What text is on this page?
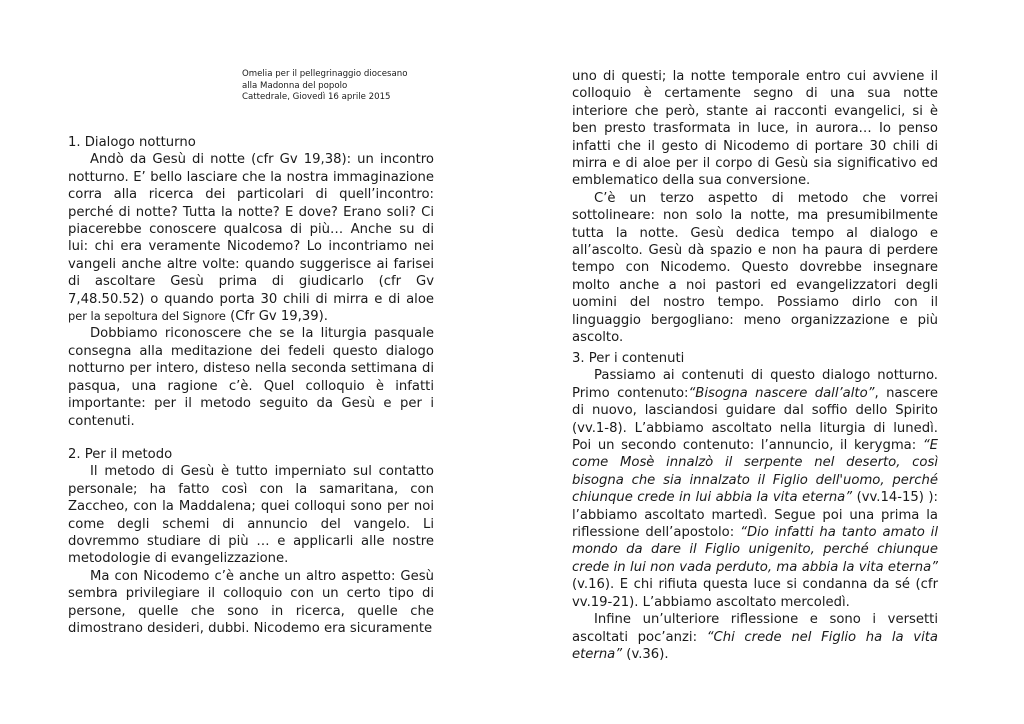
Omelia per il pellegrinaggio diocesano
alla Madonna del popolo
Cattedrale, Giovedì 16 aprile 2015

1. Dialogo notturno

Andò da Gesù di notte (cfr Gv 19,38): un incontro notturno. E’ bello lasciare che la nostra immaginazione corra alla ricerca dei particolari di quell’incontro: perché di notte? Tutta la notte? E dove? Erano soli? Ci piacerebbe conoscere qualcosa di più… Anche su di lui: chi era veramente Nicodemo? Lo incontriamo nei vangeli anche altre volte: quando suggerisce ai farisei di ascoltare Gesù prima di giudicarlo (cfr Gv 7,48.50.52) o quando porta 30 chili di mirra e di aloe per la sepoltura del Signore (Cfr Gv 19,39).

Dobbiamo riconoscere che se la liturgia pasquale consegna alla meditazione dei fedeli questo dialogo notturno per intero, disteso nella seconda settimana di pasqua, una ragione c’è. Quel colloquio è infatti importante: per il metodo seguito da Gesù e per i contenuti.

2. Per il metodo

Il metodo di Gesù è tutto imperniato sul contatto personale; ha fatto così con la samaritana, con Zaccheo, con la Maddalena; quei colloqui sono per noi come degli schemi di annuncio del vangelo. Li dovremmo studiare di più … e applicarli alle nostre metodologie di evangelizzazione.

Ma con Nicodemo c’è anche un altro aspetto: Gesù sembra privilegiare il colloquio con un certo tipo di persone, quelle che sono in ricerca, quelle che dimostrano desideri, dubbi. Nicodemo era sicuramente

uno di questi; la notte temporale entro cui avviene il colloquio è certamente segno di una sua notte interiore che però, stante ai racconti evangelici, si è ben presto trasformata in luce, in aurora… Io penso infatti che il gesto di Nicodemo di portare 30 chili di mirra e di aloe per il corpo di Gesù sia significativo ed emblematico della sua conversione.

C’è un terzo aspetto di metodo che vorrei sottolineare: non solo la notte, ma presumibilmente tutta la notte. Gesù dedica tempo al dialogo e all’ascolto. Gesù dà spazio e non ha paura di perdere tempo con Nicodemo. Questo dovrebbe insegnare molto anche a noi pastori ed evangelizzatori degli uomini del nostro tempo. Possiamo dirlo con il linguaggio bergogliano: meno organizzazione e più ascolto.

3. Per i contenuti

Passiamo ai contenuti di questo dialogo notturno. Primo contenuto:“Bisogna nascere dall’alto”, nascere di nuovo, lasciandosi guidare dal soffio dello Spirito (vv.1-8). L’abbiamo ascoltato nella liturgia di lunedì. Poi un secondo contenuto: l’annuncio, il kerygma: “E come Mosè innalzò il serpente nel deserto, così bisogna che sia innalzato il Figlio dell'uomo, perché chiunque crede in lui abbia la vita eterna” (vv.14-15) ): l’abbiamo ascoltato martedì. Segue poi una prima la riflessione dell’apostolo: “Dio infatti ha tanto amato il mondo da dare il Figlio unigenito, perché chiunque crede in lui non vada perduto, ma abbia la vita eterna” (v.16). E chi rifiuta questa luce si condanna da sé (cfr vv.19-21). L’abbiamo ascoltato mercoledì.

Infine un’ulteriore riflessione e sono i versetti ascoltati poc’anzi: “Chi crede nel Figlio ha la vita eterna” (v.36).
